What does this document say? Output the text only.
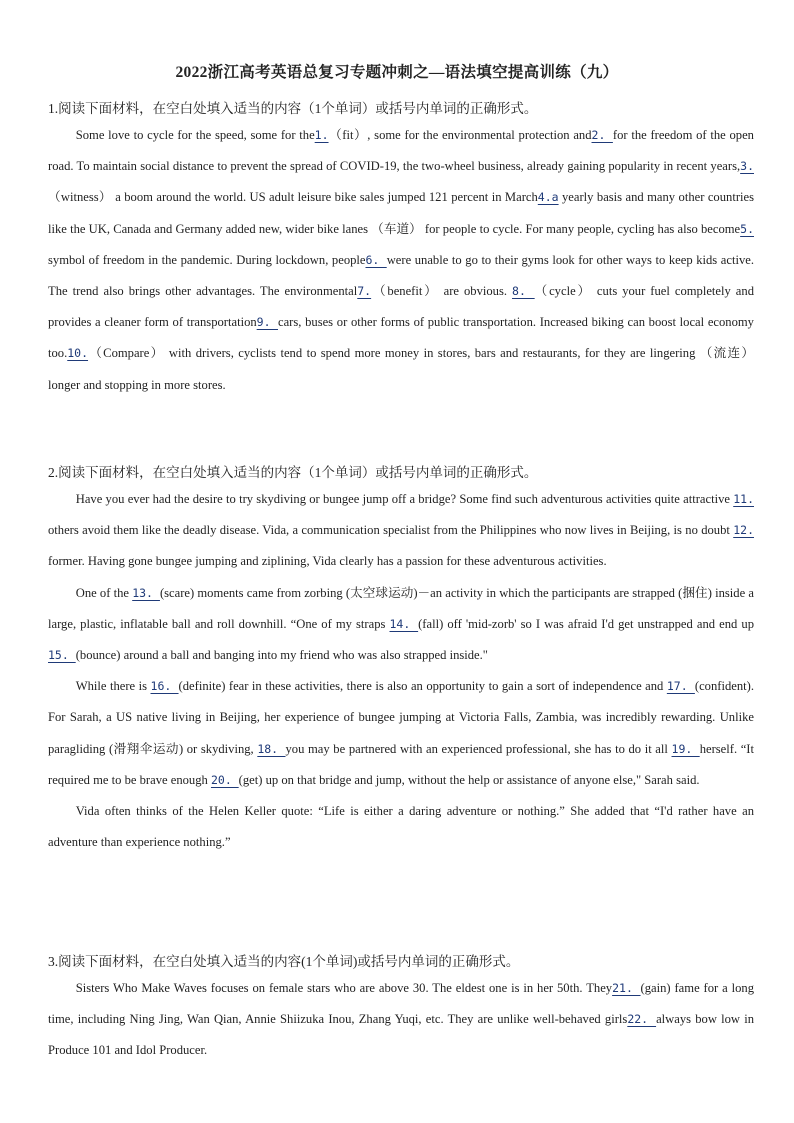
2022浙江高考英语总复习专题冲刺之—语法填空提高训练（九）
1.阅读下面材料，在空白处填入适当的内容（1个单词）或括号内单词的正确形式。

Some love to cycle for the speed, some for the1.（fit）, some for the environmental protection and2. for the freedom of the open road. To maintain social distance to prevent the spread of COVID-19, the two-wheel business, already gaining popularity in recent years,3.（witness） a boom around the world. US adult leisure bike sales jumped 121 percent in March4.a yearly basis and many other countries like the UK, Canada and Germany added new, wider bike lanes （车道） for people to cycle. For many people, cycling has also become5. symbol of freedom in the pandemic. During lockdown, people6. were unable to go to their gyms look for other ways to keep kids active. The trend also brings other advantages. The environmental7.（benefit） are obvious. 8. （cycle） cuts your fuel completely and provides a cleaner form of transportation9. cars, buses or other forms of public transportation. Increased biking can boost local economy too.10.（Compare） with drivers, cyclists tend to spend more money in stores, bars and restaurants, for they are lingering （流连）longer and stopping in more stores.

2.阅读下面材料，在空白处填入适当的内容（1个单词）或括号内单词的正确形式。

Have you ever had the desire to try skydiving or bungee jump off a bridge? Some find such adventurous activities quite attractive 11. others avoid them like the deadly disease. Vida, a communication specialist from the Philippines who now lives in Beijing, is no doubt 12. former. Having gone bungee jumping and ziplining, Vida clearly has a passion for these adventurous activities.

One of the 13. (scare) moments came from zorbing (太空球运动)－an activity in which the participants are strapped (捆住) inside a large, plastic, inflatable ball and roll downhill. “One of my straps 14. (fall) off 'mid-zorb' so I was afraid I'd get unstrapped and end up 15. (bounce) around a ball and banging into my friend who was also strapped inside."

While there is 16. (definite) fear in these activities, there is also an opportunity to gain a sort of independence and 17. (confident). For Sarah, a US native living in Beijing, her experience of bungee jumping at Victoria Falls, Zambia, was incredibly rewarding. Unlike paragliding (滑翔伞运动) or skydiving, 18. you may be partnered with an experienced professional, she has to do it all 19. herself. “It required me to be brave enough 20. (get) up on that bridge and jump, without the help or assistance of anyone else," Sarah said.

Vida often thinks of the Helen Keller quote: “Life is either a daring adventure or nothing.” She added that “I'd rather have an adventure than experience nothing.”

3.阅读下面材料，在空白处填入适当的内容(1个单词)或括号内单词的正确形式。

Sisters Who Make Waves focuses on female stars who are above 30. The eldest one is in her 50th. They21. (gain) fame for a long time, including Ning Jing, Wan Qian, Annie Shiizuka Inou, Zhang Yuqi, etc. They are unlike well-behaved girls22. always bow low in Produce 101 and Idol Producer.
